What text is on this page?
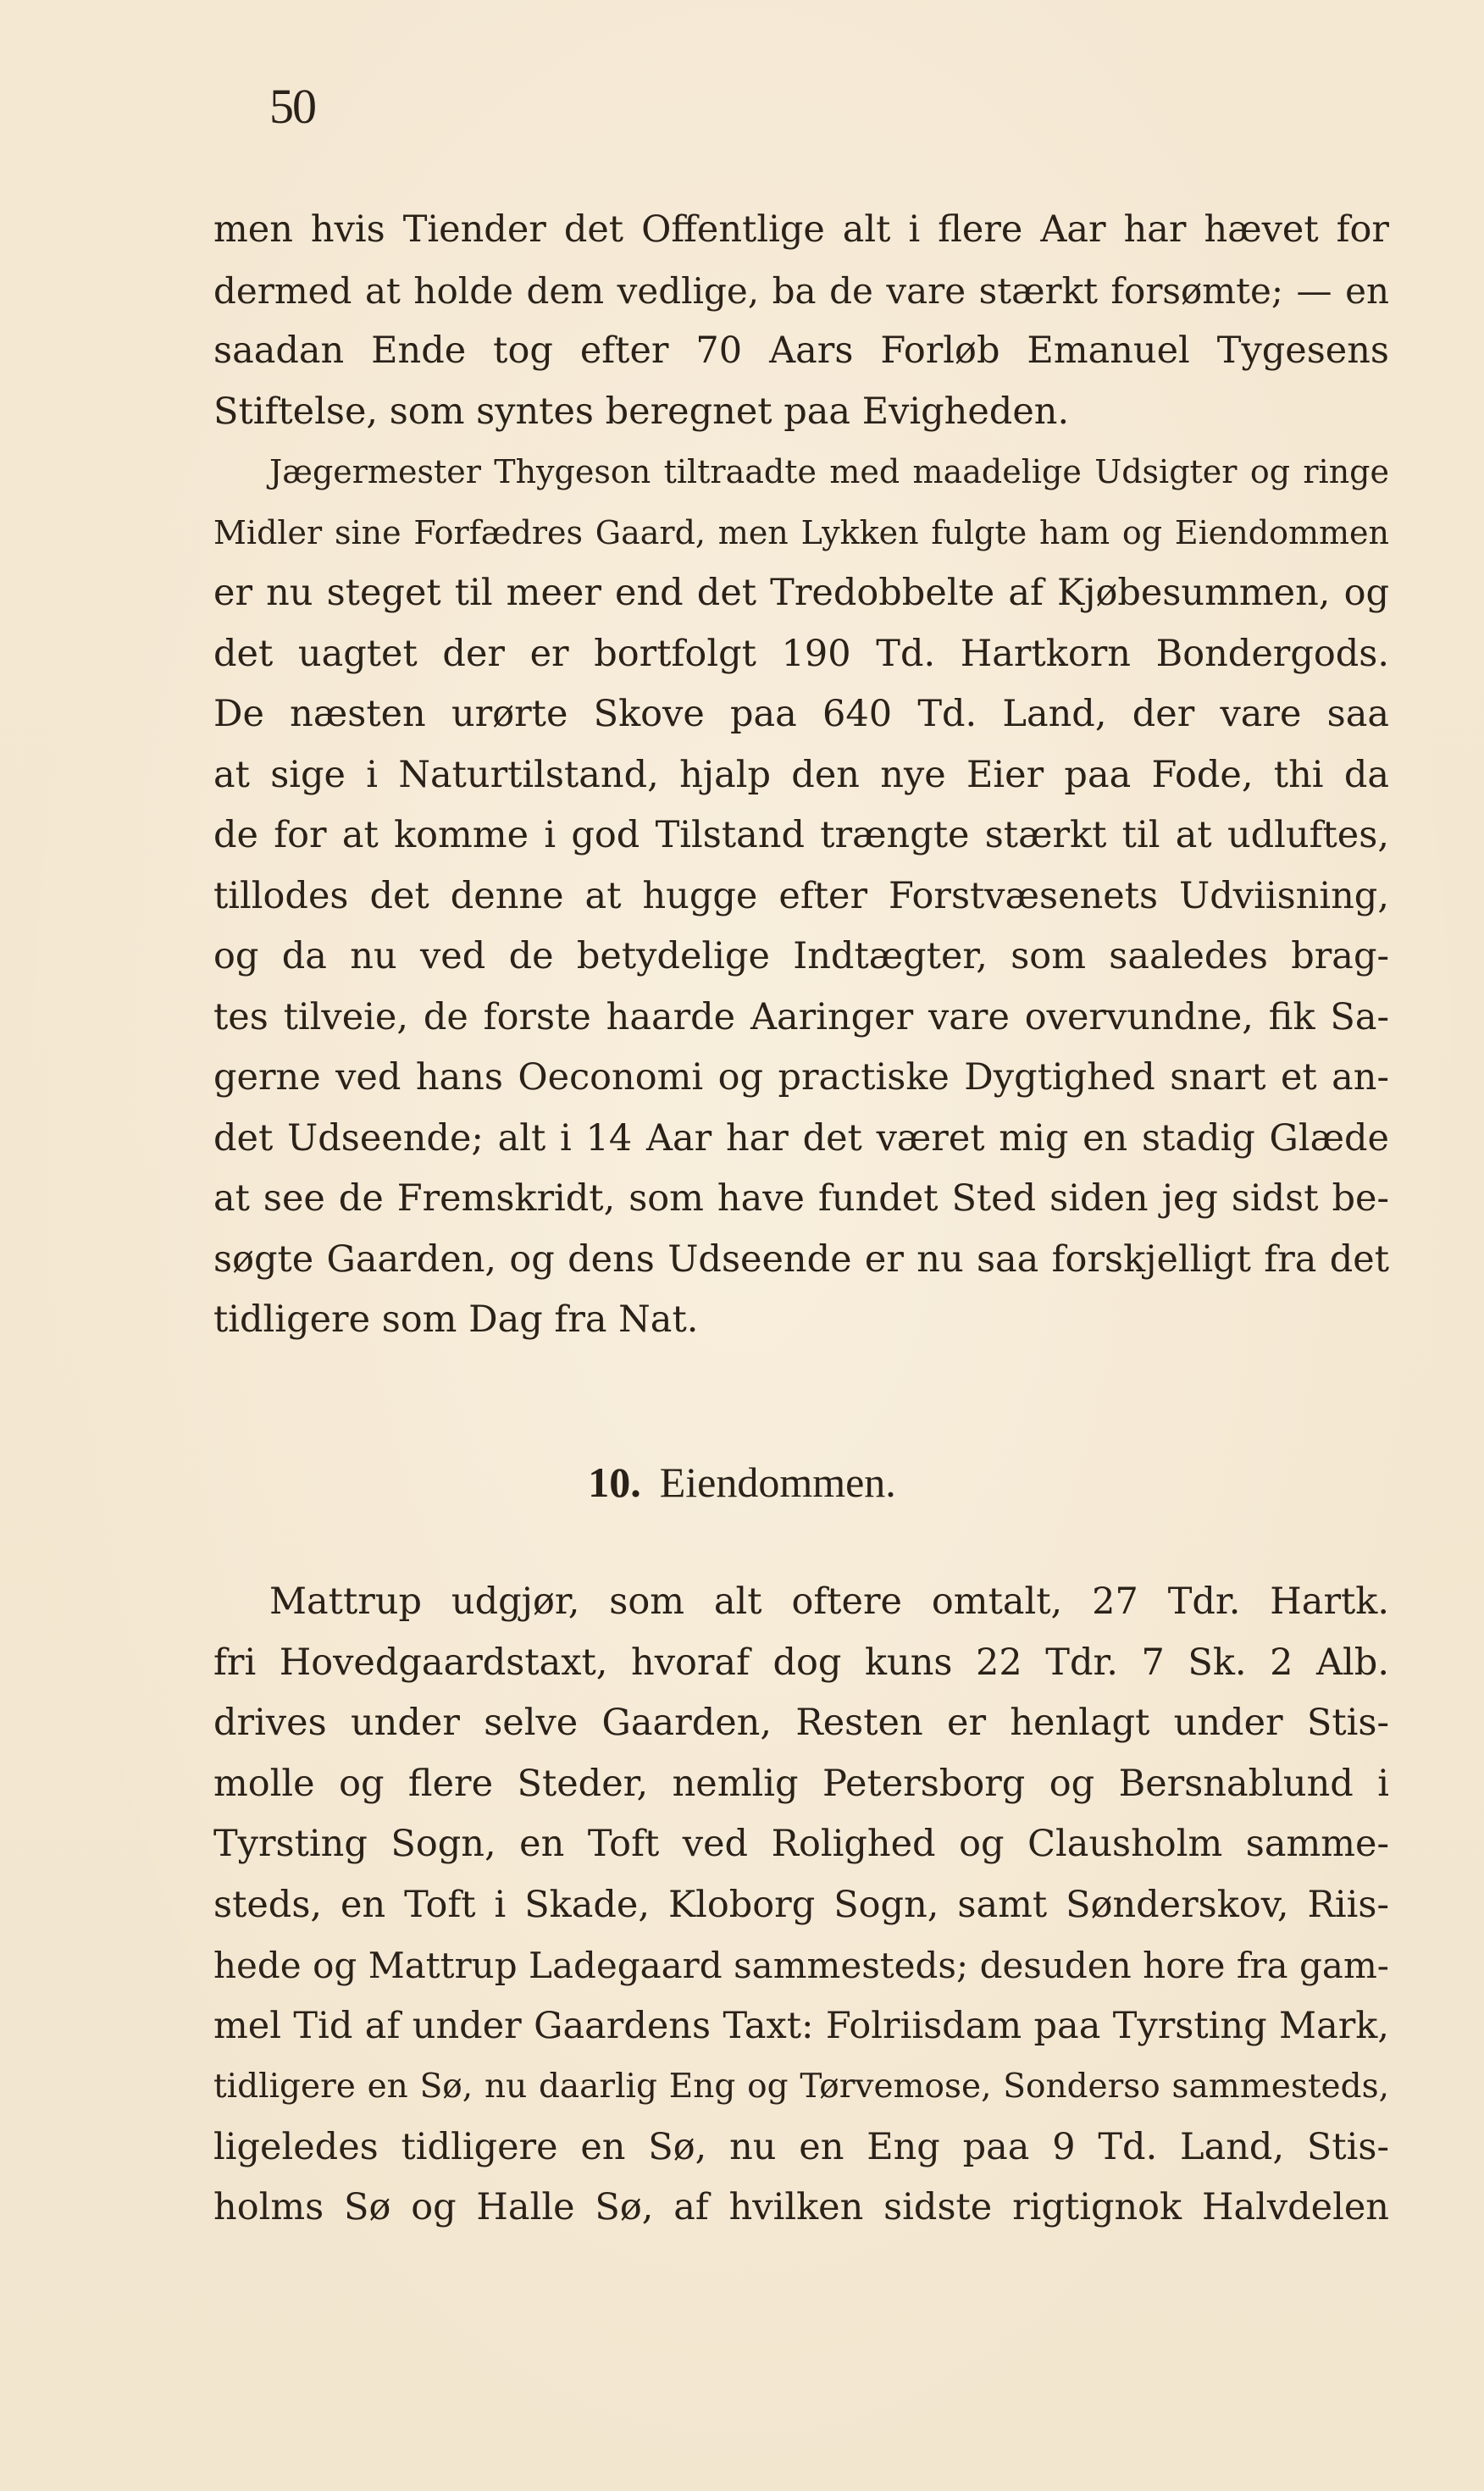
50
men hvis Tiender det Offentlige alt i flere Aar har hævet for
dermed at holde dem vedlige, ba de vare stærkt forsømte; — en
saadan Ende tog efter 70 Aars Forløb Emanuel Tygesens
Stiftelse, som syntes beregnet paa Evigheden.
Jægermester Thygeson tiltraadte med maadelige Udsigter og ringe
Midler sine Forfædres Gaard, men Lykken fulgte ham og Eiendommen
er nu steget til meer end det Tredobbelte af Kjøbesummen, og
det uagtet der er bortfolgt 190 Td. Hartkorn Bondergods.
De næsten urørte Skove paa 640 Td. Land, der vare saa
at sige i Naturtilstand, hjalp den nye Eier paa Fode, thi da
de for at komme i god Tilstand trængte stærkt til at udluftes,
tillodes det denne at hugge efter Forstvæsenets Udviisning,
og da nu ved de betydelige Indtægter, som saaledes brag-
tes tilveie, de forste haarde Aaringer vare overvundne, fik Sa-
gerne ved hans Oeconomi og practiske Dygtighed snart et an-
det Udseende; alt i 14 Aar har det været mig en stadig Glæde
at see de Fremskridt, som have fundet Sted siden jeg sidst be-
søgte Gaarden, og dens Udseende er nu saa forskjelligt fra det
tidligere som Dag fra Nat.
10. Eiendommen.
Mattrup udgjør, som alt oftere omtalt, 27 Tdr. Hartk.
fri Hovedgaardstaxt, hvoraf dog kuns 22 Tdr. 7 Sk. 2 Alb.
drives under selve Gaarden, Resten er henlagt under Stis-
molle og flere Steder, nemlig Petersborg og Bersnablund i
Tyrsting Sogn, en Toft ved Rolighed og Clausholm samme-
steds, en Toft i Skade, Kloborg Sogn, samt Sønderskov, Riis-
hede og Mattrup Ladegaard sammesteds; desuden hore fra gam-
mel Tid af under Gaardens Taxt: Folriisdam paa Tyrsting Mark,
tidligere en Sø, nu daarlig Eng og Tørvemose, Sonderso sammesteds,
ligeledes tidligere en Sø, nu en Eng paa 9 Td. Land, Stis-
holms Sø og Halle Sø, af hvilken sidste rigtignok Halvdelen
